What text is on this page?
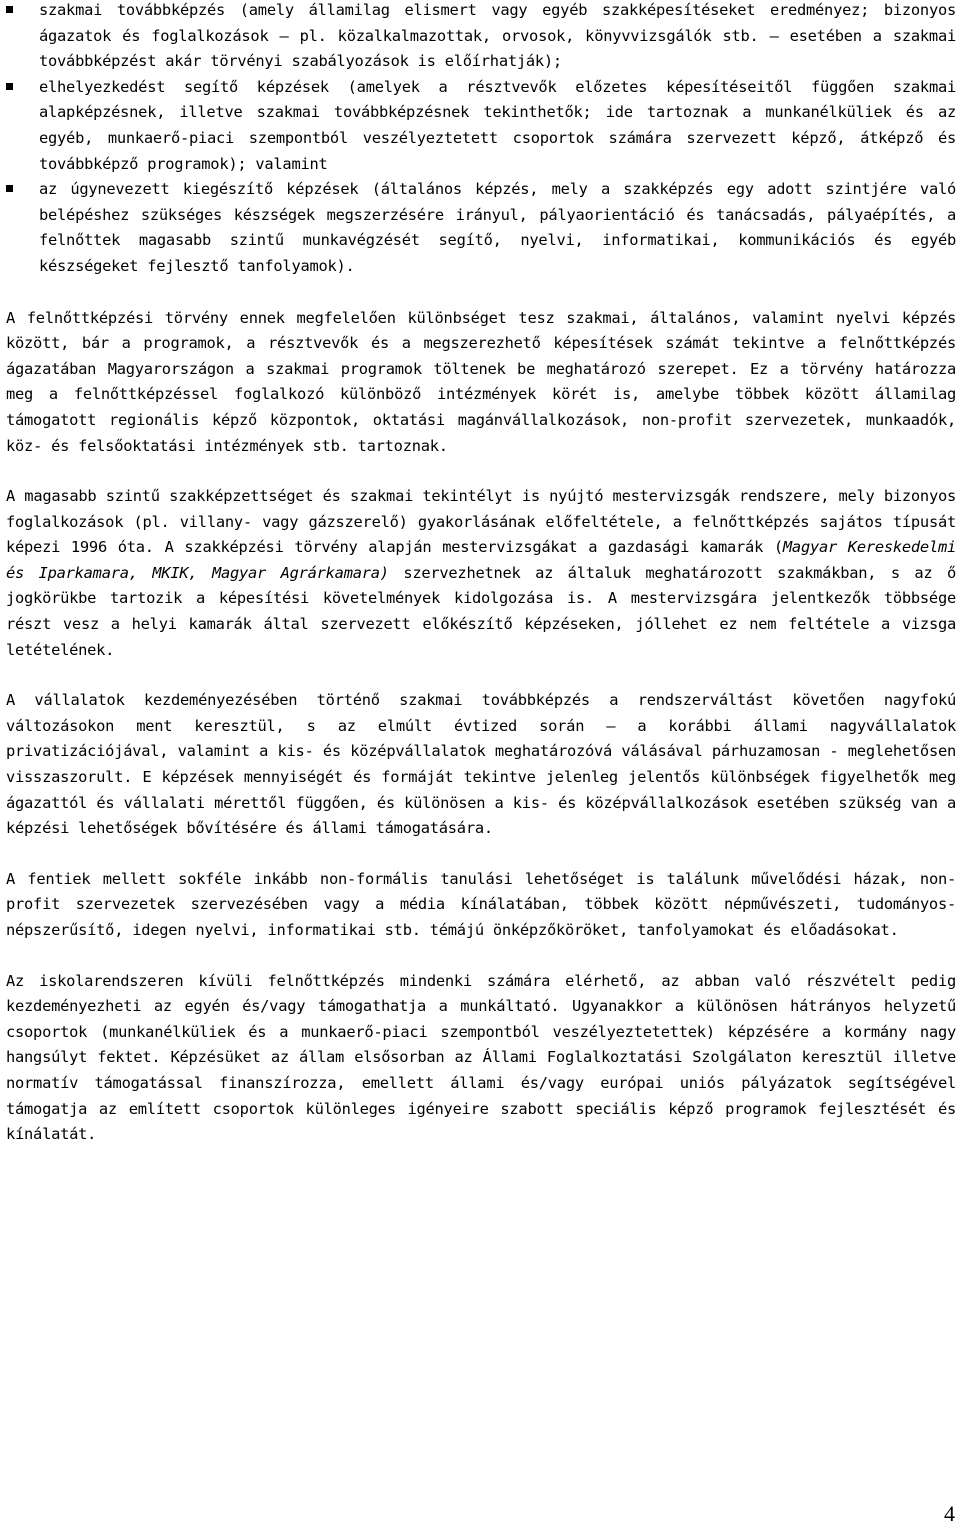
szakmai továbbképzés (amely államilag elismert vagy egyéb szakképesítéseket eredményez; bizonyos ágazatok és foglalkozások – pl. közalkalmazottak, orvosok, könyvvizsgálók stb. – esetében a szakmai továbbképzést akár törvényi szabályozások is előírhatják);
elhelyezkedést segítő képzések (amelyek a résztvevők előzetes képesítéseitől függően szakmai alapképzésnek, illetve szakmai továbbképzésnek tekinthetők; ide tartoznak a munkanélküliek és az egyéb, munkaerő-piaci szempontból veszélyeztetett csoportok számára szervezett képző, átképző és továbbképző programok); valamint
az úgynevezett kiegészítő képzések (általános képzés, mely a szakképzés egy adott szintjére való belépéshez szükséges készségek megszerzésére irányul, pályaorientáció és tanácsadás, pályaépítés, a felnőttek magasabb szintű munkavégzését segítő, nyelvi, informatikai, kommunikációs és egyéb készségeket fejlesztő tanfolyamok).

A felnőttképzési törvény ennek megfelelően különbséget tesz szakmai, általános, valamint nyelvi képzés között, bár a programok, a résztvevők és a megszerezhető képesítések számát tekintve a felnőttképzés ágazatában Magyarországon a szakmai programok töltenek be meghatározó szerepet. Ez a törvény határozza meg a felnőttképzéssel foglalkozó különböző intézmények körét is, amelybe többek között államilag támogatott regionális képző központok, oktatási magánvállalkozások, non-profit szervezetek, munkaadók, köz- és felsőoktatási intézmények stb. tartoznak.

A magasabb szintű szakképzettséget és szakmai tekintélyt is nyújtó mestervizsgák rendszere, mely bizonyos foglalkozások (pl. villany- vagy gázszerelő) gyakorlásának előfeltétele, a felnőttképzés sajátos típusát képezi 1996 óta. A szakképzési törvény alapján mestervizsgákat a gazdasági kamarák (Magyar Kereskedelmi és Iparkamara, MKIK, Magyar Agrárkamara) szervezhetnek az általuk meghatározott szakmákban, s az ő jogkörükbe tartozik a képesítési követelmények kidolgozása is. A mestervizsgára jelentkezők többsége részt vesz a helyi kamarák által szervezett előkészítő képzéseken, jóllehet ez nem feltétele a vizsga letételének.

A vállalatok kezdeményezésében történő szakmai továbbképzés a rendszerváltást követően nagyfokú változásokon ment keresztül, s az elmúlt évtized során – a korábbi állami nagyvállalatok privatizációjával, valamint a kis- és középvállalatok meghatározóvá válásával párhuzamosan - meglehetősen visszaszorult. E képzések mennyiségét és formáját tekintve jelenleg jelentős különbségek figyelhetők meg ágazattól és vállalati mérettől függően, és különösen a kis- és középvállalkozások esetében szükség van a képzési lehetőségek bővítésére és állami támogatására.

A fentiek mellett sokféle inkább non-formális tanulási lehetőséget is találunk művelődési házak, non-profit szervezetek szervezésében vagy a média kínálatában, többek között népművészeti, tudományos-népszerűsítő, idegen nyelvi, informatikai stb. témájú önképzőköröket, tanfolyamokat és előadásokat.

Az iskolarendszeren kívüli felnőttképzés mindenki számára elérhető, az abban való részvételt pedig kezdeményezheti az egyén és/vagy támogathatja a munkáltató. Ugyanakkor a különösen hátrányos helyzetű csoportok (munkanélküliek és a munkaerő-piaci szempontból veszélyeztetettek) képzésére a kormány nagy hangsúlyt fektet. Képzésüket az állam elsősorban az Állami Foglalkoztatási Szolgálaton keresztül illetve normatív támogatással finanszírozza, emellett állami és/vagy európai uniós pályázatok segítségével támogatja az említett csoportok különleges igényeire szabott speciális képző programok fejlesztését és kínálatát.

4
